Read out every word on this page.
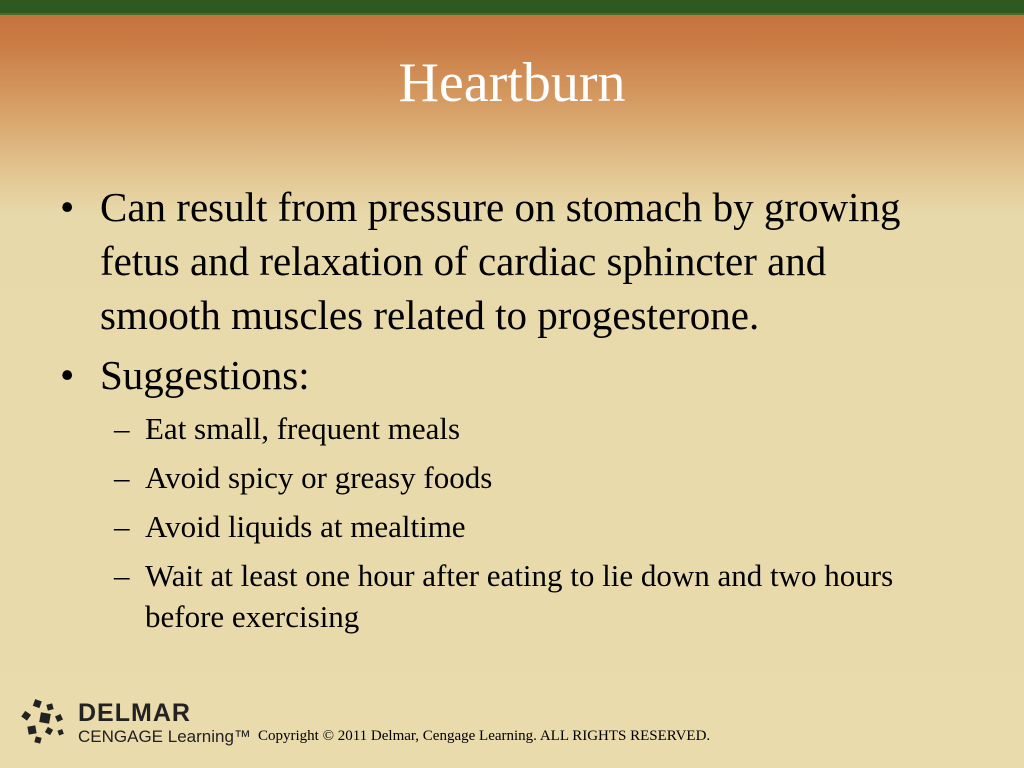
Heartburn
• Can result from pressure on stomach by growing fetus and relaxation of cardiac sphincter and smooth muscles related to progesterone.
• Suggestions:
– Eat small, frequent meals
– Avoid spicy or greasy foods
– Avoid liquids at mealtime
– Wait at least one hour after eating to lie down and two hours before exercising
DELMAR
CENGAGE Learning™ Copyright © 2011 Delmar, Cengage Learning. ALL RIGHTS RESERVED.
